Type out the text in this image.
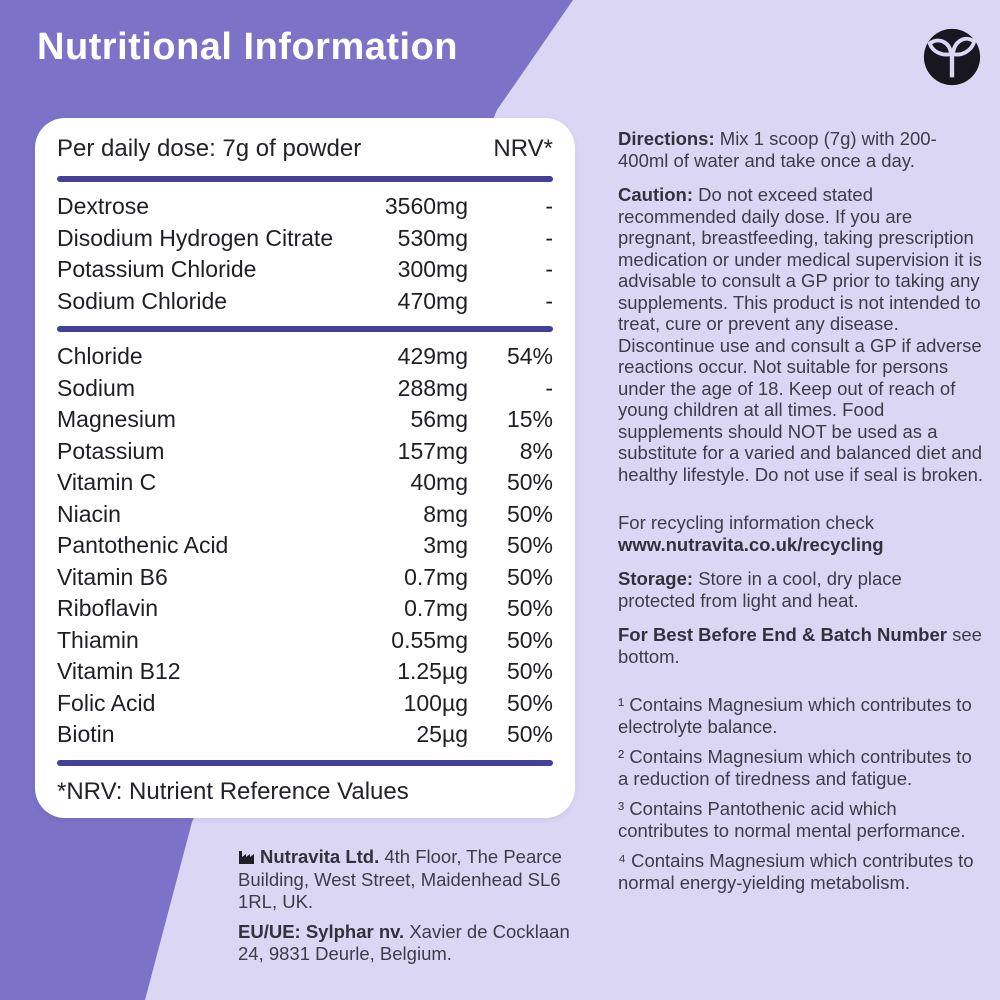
Nutritional Information
Per daily dose: 7g of powder	NRV*
Dextrose	3560mg	-
Disodium Hydrogen Citrate	530mg	-
Potassium Chloride	300mg	-
Sodium Chloride	470mg	-
Chloride	429mg	54%
Sodium	288mg	-
Magnesium	56mg	15%
Potassium	157mg	8%
Vitamin C	40mg	50%
Niacin	8mg	50%
Pantothenic Acid	3mg	50%
Vitamin B6	0.7mg	50%
Riboflavin	0.7mg	50%
Thiamin	0.55mg	50%
Vitamin B12	1.25µg	50%
Folic Acid	100µg	50%
Biotin	25µg	50%
*NRV: Nutrient Reference Values

Directions: Mix 1 scoop (7g) with 200-400ml of water and take once a day.

Caution: Do not exceed stated recommended daily dose. If you are pregnant, breastfeeding, taking prescription medication or under medical supervision it is advisable to consult a GP prior to taking any supplements. This product is not intended to treat, cure or prevent any disease. Discontinue use and consult a GP if adverse reactions occur. Not suitable for persons under the age of 18. Keep out of reach of young children at all times. Food supplements should NOT be used as a substitute for a varied and balanced diet and healthy lifestyle. Do not use if seal is broken.

For recycling information check
www.nutravita.co.uk/recycling

Storage: Store in a cool, dry place protected from light and heat.

For Best Before End & Batch Number see bottom.

¹ Contains Magnesium which contributes to electrolyte balance.

² Contains Magnesium which contributes to a reduction of tiredness and fatigue.

³ Contains Pantothenic acid which contributes to normal mental performance.

⁴ Contains Magnesium which contributes to normal energy-yielding metabolism.

Nutravita Ltd. 4th Floor, The Pearce Building, West Street, Maidenhead SL6 1RL, UK.

EU/UE: Sylphar nv. Xavier de Cocklaan 24, 9831 Deurle, Belgium.
